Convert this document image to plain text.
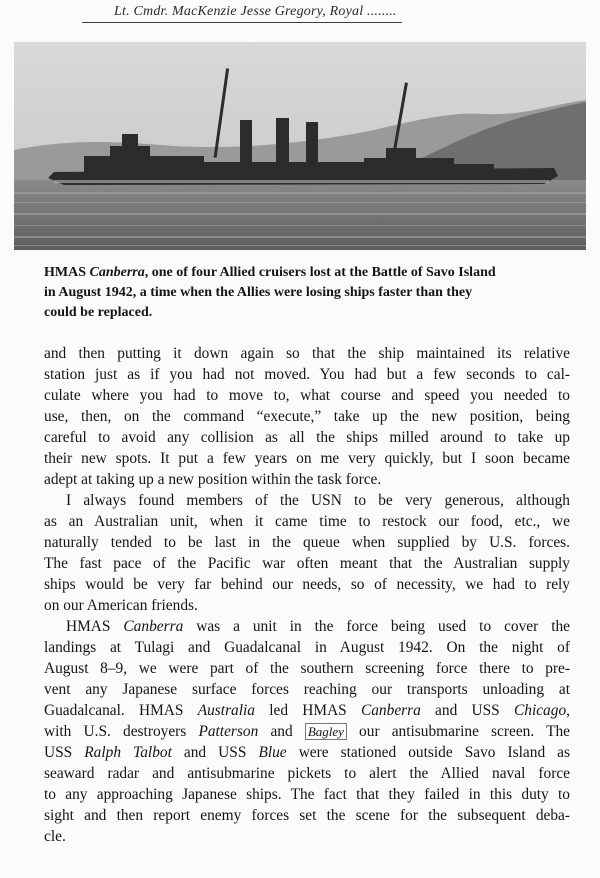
Lt. Cmdr. MacKenzie Jesse Gregory, Royal ........

HMAS Canberra, one of four Allied cruisers lost at the Battle of Savo Island

in August 1942, a time when the Allies were losing ships faster than they

could be replaced.

and then putting it down again so that the ship maintained its relative
station just as if you had not moved. You had but a few seconds to cal-
culate where you had to move to, what course and speed you needed to
use, then, on the command “execute,” take up the new position, being
careful to avoid any collision as all the ships milled around to take up
their new spots. It put a few years on me very quickly, but I soon became
adept at taking up a new position within the task force.
I always found members of the USN to be very generous, although
as an Australian unit, when it came time to restock our food, etc., we
naturally tended to be last in the queue when supplied by U.S. forces.
The fast pace of the Pacific war often meant that the Australian supply
ships would be very far behind our needs, so of necessity, we had to rely
on our American friends.
HMAS Canberra was a unit in the force being used to cover the
landings at Tulagi and Guadalcanal in August 1942. On the night of
August 8–9, we were part of the southern screening force there to pre-
vent any Japanese surface forces reaching our transports unloading at
Guadalcanal. HMAS Australia led HMAS Canberra and USS Chicago,
with U.S. destroyers Patterson and Bagley our antisubmarine screen. The
USS Ralph Talbot and USS Blue were stationed outside Savo Island as
seaward radar and antisubmarine pickets to alert the Allied naval force
to any approaching Japanese ships. The fact that they failed in this duty to
sight and then report enemy forces set the scene for the subsequent deba-
cle.
